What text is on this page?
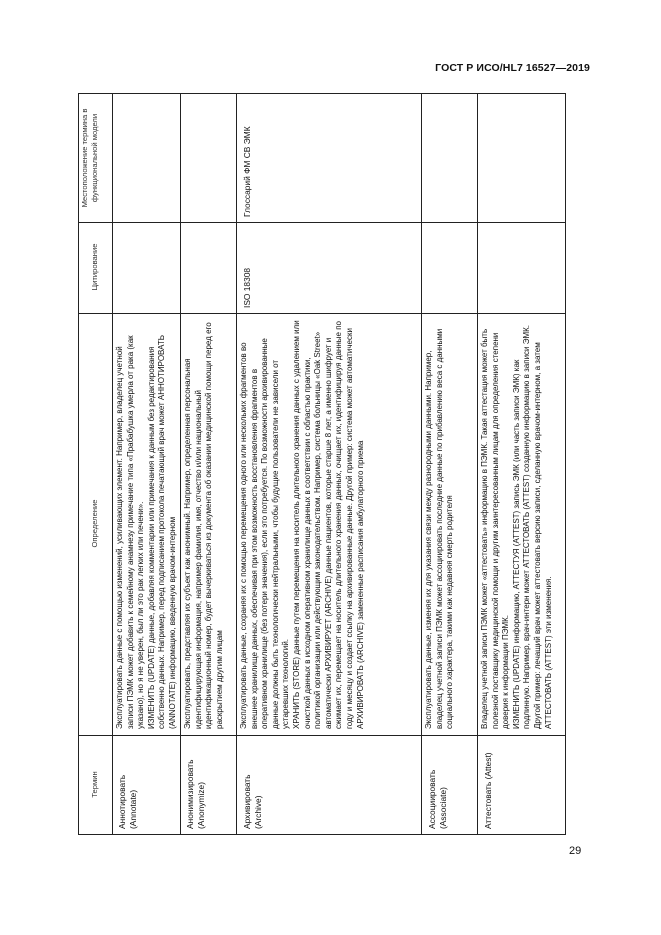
ГОСТ Р ИСО/HL7 16527—2019
Местоположение термина в функциональной модели
Цитирование
Определение
Термин	Аннотировать (Annotate)
Эксплуатировать данные с помощью изменений, усиливающих элемент. Например, владелец учетной записи ПЭМК может добавить к семейному анамнезу примечание типа «Прабабушка умерла от рака (как указано), но я не уверен, был ли это рак легких или печени». ИЗМЕНИТЬ (UPDATE) данные, добавляя комментарии или примечания к данным без редактирования собственно данных. Например, перед подписанием протокола печатающий врач может АННОТИРОВАТЬ (ANNOTATE) информацию, введенную врачом-интерном
Анонимизировать (Anonymize)
Эксплуатировать, представляя их субъект как анонимный. Например, определенная персональная идентифицирующая информация, например фамилия, имя, отчество и/или национальный идентификационный номер, будет вычеркиваться из документа об оказании медицинской помощи перед его раскрытием другим лицам
Архивировать (Archive)
Эксплуатировать данные, сохраняя их с помощью перемещения одного или нескольких фрагментов во внешнее хранилище данных, обеспечивая при этом возможность восстановления фрагментов в оперативном хранилище (без потери значения), если это потребуется. По возможности архивированные данные должны быть технологически нейтральными, чтобы будущие пользователи не зависели от устаревших технологий. ХРАНИТЬ (STORE) данные путем перемещения на носитель длительного хранения данных с удалением или очисткой данных в исходном оперативном хранилище данных в соответствии с областью практики, политикой организации или действующим законодательством. Например, система больницы «Oak Street» автоматически АРХИВИРУЕТ (ARCHIVE) данные пациентов, которые старше 8 лет, а именно шифрует и сжимает их, перемещает на носитель длительного хранения данных, очищает их, идентифицируя данные по году и месяцу и создает ссылку на архивированные данные. Другой пример: система может автоматически АРХИВИРОВАТЬ (ARCHIVE) замененные расписания амбулаторного приема
ISO 18308
Глоссарий ФМ СВ ЭМК
Ассоциировать (Associate)
Эксплуатировать данные, изменяя их для указания связи между разнородными данными. Например, владелец учетной записи ПЭМК может ассоциировать последние данные по прибавлению веса с данными социального характера, такими как недавняя смерть родителя
Аттестовать (Attest)
Владелец учетной записи ПЭМК может «аттестовать» информацию в ПЭМК. Такая аттестация может быть полезной поставщику медицинской помощи и другим заинтересованным лицам для определения степени доверия к информации ПЭМК. ИЗМЕНИТЬ (UPDATE) информацию, АТТЕСТУЯ (ATTEST) запись ЭМК (или часть записи ЭМК) как подлинную. Например, врач-интерн может АТТЕСТОВАТЬ (ATTEST) созданную информацию в записи ЭМК. Другой пример: лечащий врач может аттестовать версию записи, сделанную врачом-интерном, а затем АТТЕСТОВАТЬ (ATTEST) эти изменения.
29
